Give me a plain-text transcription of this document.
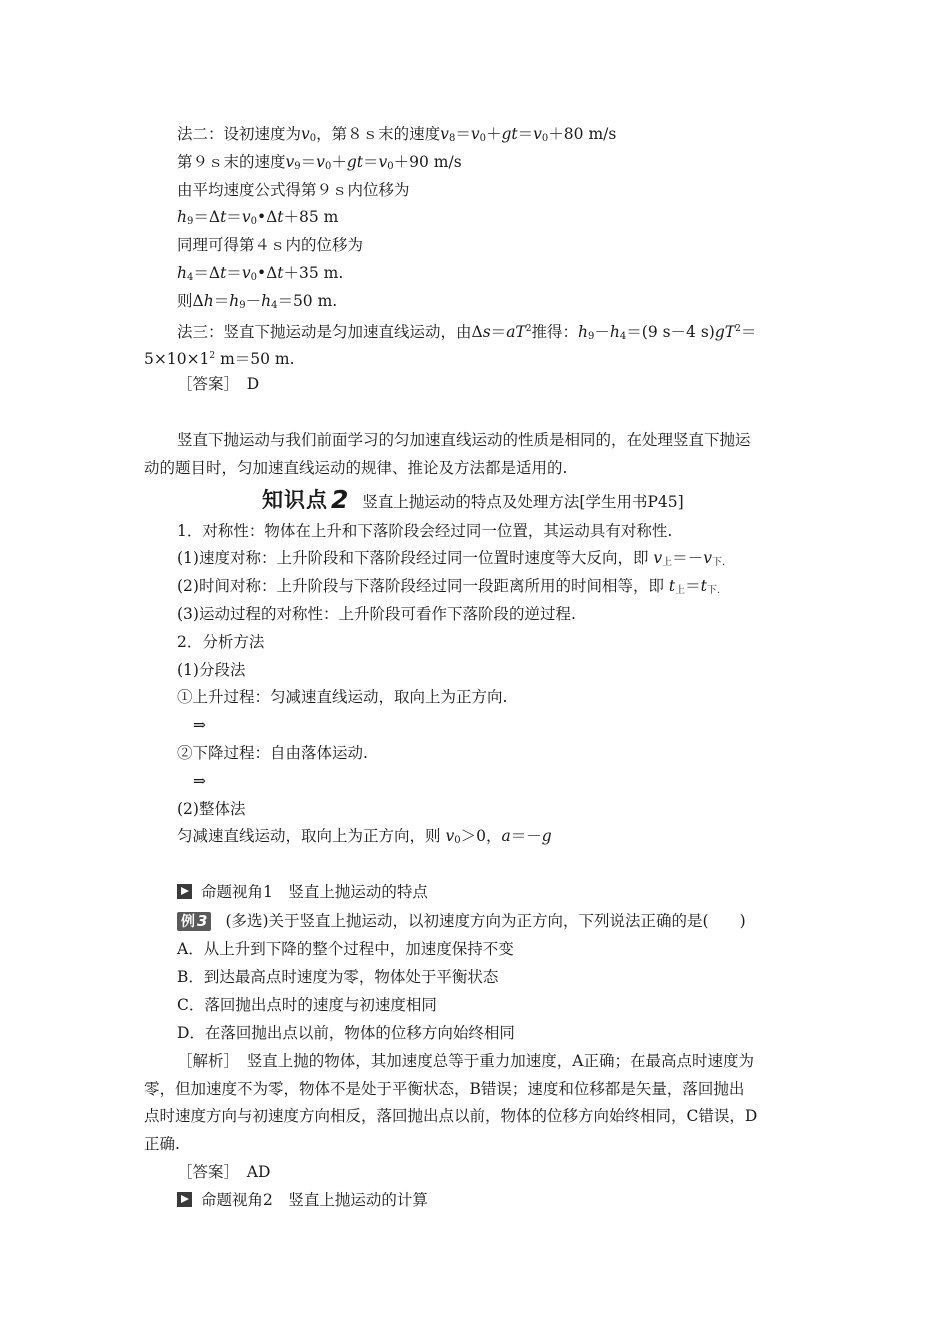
法二：设初速度为$v_0$，第８ｓ末的速度$v_8=v_0+gt=v_0+80$ m/s
第９ｓ末的速度$v_9=v_0+gt=v_0+90$ m/s
由平均速度公式得第９ｓ内位移为
$h_9=\Delta t=v_0•\Delta t+85$ m
同理可得第４ｓ内的位移为
$h_4=\Delta t=v_0•\Delta t+35$ m.
则$\Delta h=h_9-h_4=50$ m.
法三：竖直下抛运动是匀加速直线运动，由$\Delta s=aT^2$推得：$h_9-h_4=(9$ s－4 $s)gT^2=$
$5\times 10\times 1^2$ m＝50 m.
［答案］　D
竖直下抛运动与我们前面学习的匀加速直线运动的性质是相同的，在处理竖直下抛运
动的题目时，匀加速直线运动的规律、推论及方法都是适用的.
知识点 2 竖直上抛运动的特点及处理方法[学生用书P45]
1．对称性：物体在上升和下落阶段会经过同一位置，其运动具有对称性.
(1)速度对称：上升阶段和下落阶段经过同一位置时速度等大反向，即 $v_上=-v_{下.}$
(2)时间对称：上升阶段与下落阶段经过同一段距离所用的时间相等，即 $t_上=t_{下.}$
(3)运动过程的对称性：上升阶段可看作下落阶段的逆过程.
2．分析方法
(1)分段法
①上升过程：匀减速直线运动，取向上为正方向.
⇒
②下降过程：自由落体运动.
⇒
(2)整体法
匀减速直线运动，取向上为正方向，则 $v_0>0$，a＝－g
命题视角1　竖直上抛运动的特点
例 3 (多选)关于竖直上抛运动，以初速度方向为正方向，下列说法正确的是(　　)
A．从上升到下降的整个过程中，加速度保持不变
B．到达最高点时速度为零，物体处于平衡状态
C．落回抛出点时的速度与初速度相同
D．在落回抛出点以前，物体的位移方向始终相同
［解析］　竖直上抛的物体，其加速度总等于重力加速度，A正确；在最高点时速度为
零，但加速度不为零，物体不是处于平衡状态，B错误；速度和位移都是矢量，落回抛出
点时速度方向与初速度方向相反，落回抛出点以前，物体的位移方向始终相同，C错误，D
正确.
［答案］　AD
命题视角2　竖直上抛运动的计算
